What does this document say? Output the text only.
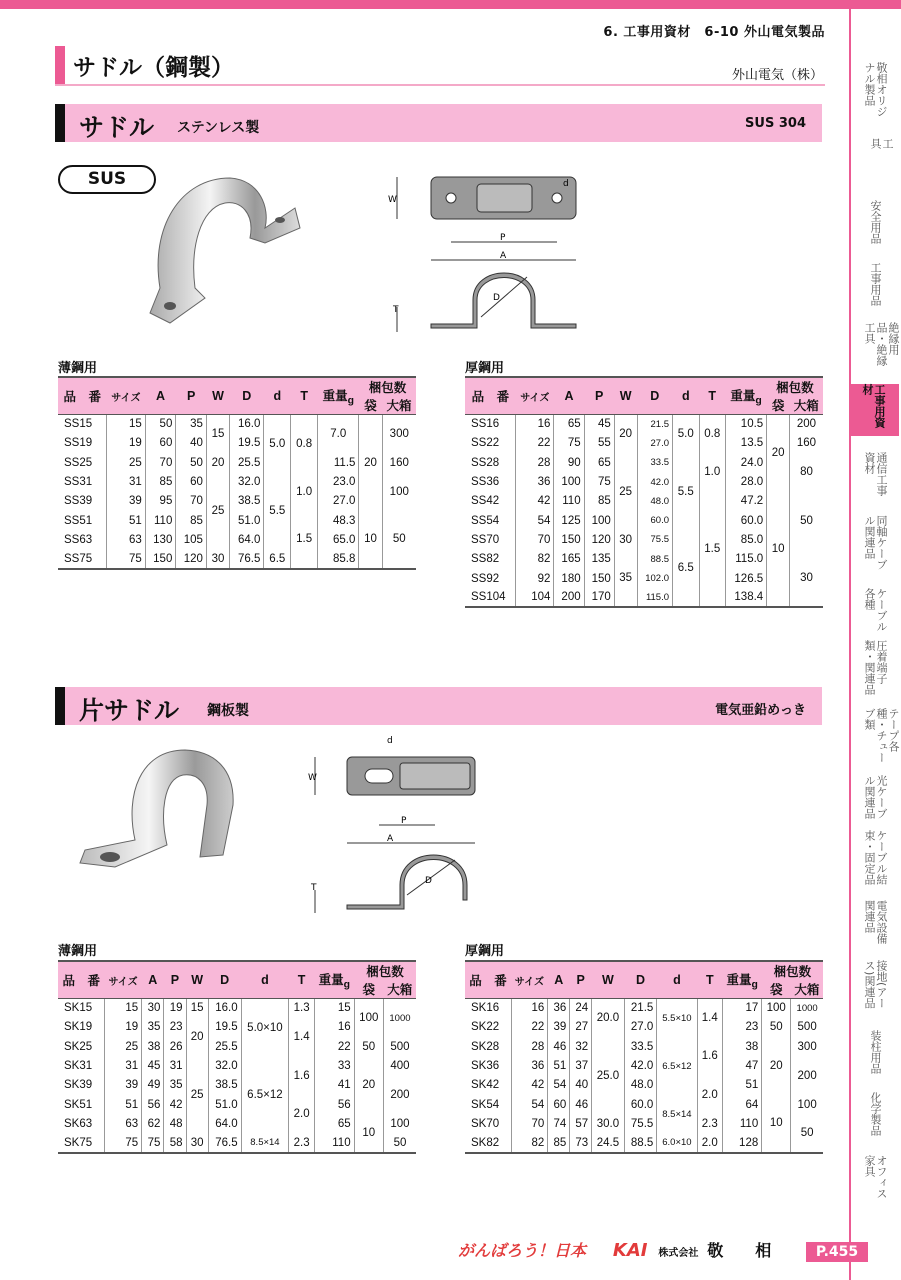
6. 工事用資材　6-10 外山電気製品
サドル（鋼製）	外山電気（株）
サドル ステンレス製	SUS 304
SUS
W
d
P
A
D
T
薄鋼用	厚鋼用
品　番	サイズ	A	P	W	D	d	T	重量$_g$	梱包数	
									袋	大箱
SS15	15	50	35	15	16.0	5.0	0.8	7.0	20	300
SS19	19	60	40		19.5					
SS25	25	70	50	20	25.5			11.5		160
SS31	31	85	60	25	32.0	5.5	1.0	23.0		100
SS39	39	95	70		38.5			27.0		
SS51	51	110	85		51.0		1.5	48.3	10	50
SS63	63	130	105		64.0			65.0		
SS75	75	150	120	30	76.5	6.5		85.8		
品　番	サイズ	A	P	W	D	d	T	重量$_g$	梱包数	
									袋	大箱
SS16	16	65	45	20	21.5	5.0	0.8	10.5	20	200
SS22	22	75	55		27.0			13.5		160
SS28	28	90	65	25	33.5	5.5	1.0	24.0		80
SS36	36	100	75		42.0			28.0		
SS42	42	110	85		48.0		1.5	47.2	10	50
SS54	54	125	100		60.0			60.0		
SS70	70	150	120	30	75.5	6.5		85.0		
SS82	82	165	135	35	88.5			115.0		30
SS92	92	180	150		102.0			126.5		
SS104	104	200	170		115.0			138.4		
片サドル 鋼板製	電気亜鉛めっき
W
d
P
A
D
T
薄鋼用	厚鋼用
品　番	サイズ	A	P	W	D	d	T	重量$_g$	梱包数	
									袋	大箱
SK15	15	30	19	15	16.0	5.0×10	1.3	15	100	1000
SK19	19	35	23	20	19.5		1.4	16		
SK25	25	38	26		25.5			22	50	500
SK31	31	45	31	25	32.0	6.5×12	1.6	33	20	400
SK39	39	49	35		38.5			41		200
SK51	51	56	42		51.0		2.0	56		
SK63	63	62	48		64.0			65	10	100
SK75	75	75	58	30	76.5	8.5×14	2.3	110		50
品　番	サイズ	A	P	W	D	d	T	重量$_g$	梱包数	
									袋	大箱
SK16	16	36	24	20.0	21.5	5.5×10	1.4	17	100	1000
SK22	22	39	27		27.0			23	50	500
SK28	28	46	32	25.0	33.5	6.5×12	1.6	38	20	300
SK36	36	51	37		42.0			47		200
SK42	42	54	40		48.0		2.0	51		
SK54	54	60	46		60.0	8.5×14		64	10	100
SK70	70	74	57	30.0	75.5		2.3	110		50
SK82	82	85	73	24.5	88.5	6.0×10	2.0	128		
敬相オリジナル製品
工具
安全用品
工事用品
絶縁用品・絶縁工具
工事用資材
通信工事資材
同軸ケーブル関連品
ケーブル各種
圧着端子類・関連品
テープ各種・チューブ類
光ケーブル関連品
ケーブル結束・固定品
電気設備関連品
接地(アース)関連品
装柱用品
化学製品
オフィス家具
がんばろう！日本 KAI 株式会社 敬　　相	P.455
